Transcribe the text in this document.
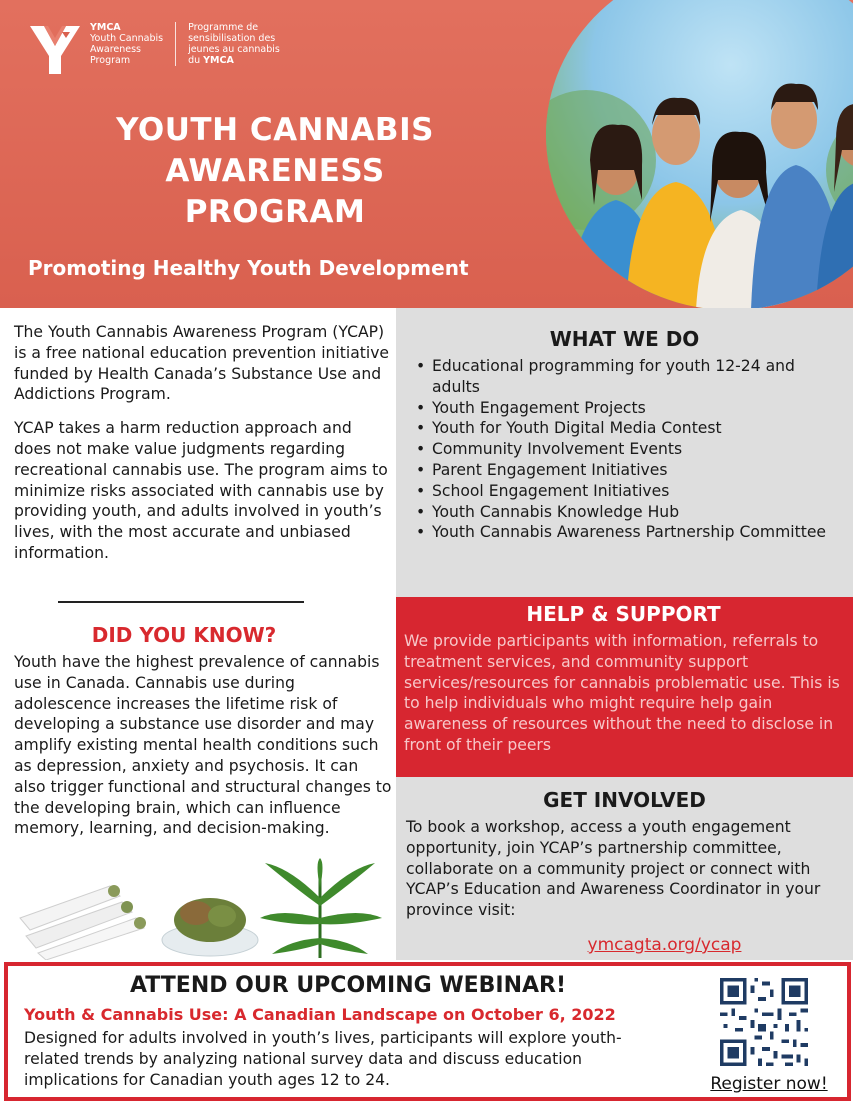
YMCA
Youth Cannabis
Awareness
Program
Programme de
sensibilisation des
jeunes au cannabis
du YMCA
YOUTH CANNABIS
AWARENESS
PROGRAM
Promoting Healthy Youth Development

The Youth Cannabis Awareness Program (YCAP) is a free national education prevention initiative funded by Health Canada’s Substance Use and Addictions Program.

YCAP takes a harm reduction approach and does not make value judgments regarding recreational cannabis use. The program aims to minimize risks associated with cannabis use by providing youth, and adults involved in youth’s lives, with the most accurate and unbiased information.

DID YOU KNOW?
Youth have the highest prevalence of cannabis use in Canada. Cannabis use during adolescence increases the lifetime risk of developing a substance use disorder and may amplify existing mental health conditions such as depression, anxiety and psychosis. It can also trigger functional and structural changes to the developing brain, which can influence memory, learning, and decision-making.
WHAT WE DO
• Educational programming for youth 12-24 and adults
• Youth Engagement Projects
• Youth for Youth Digital Media Contest
• Community Involvement Events
• Parent Engagement Initiatives
• School Engagement Initiatives
• Youth Cannabis Knowledge Hub
• Youth Cannabis Awareness Partnership Committee
HELP & SUPPORT

We provide participants with information, referrals to treatment services, and community support services/resources for cannabis problematic use. This is to help individuals who might require help gain awareness of resources without the need to disclose in front of their peers

GET INVOLVED

To book a workshop, access a youth engagement opportunity, join YCAP’s partnership committee, collaborate on a community project or connect with YCAP’s Education and Awareness Coordinator in your province visit:

ymcagta.org/ycap
ATTEND OUR UPCOMING WEBINAR!
Youth & Cannabis Use: A Canadian Landscape on October 6, 2022
Designed for adults involved in youth’s lives, participants will explore youth-related trends by analyzing national survey data and discuss education implications for Canadian youth ages 12 to 24.	Register now!
